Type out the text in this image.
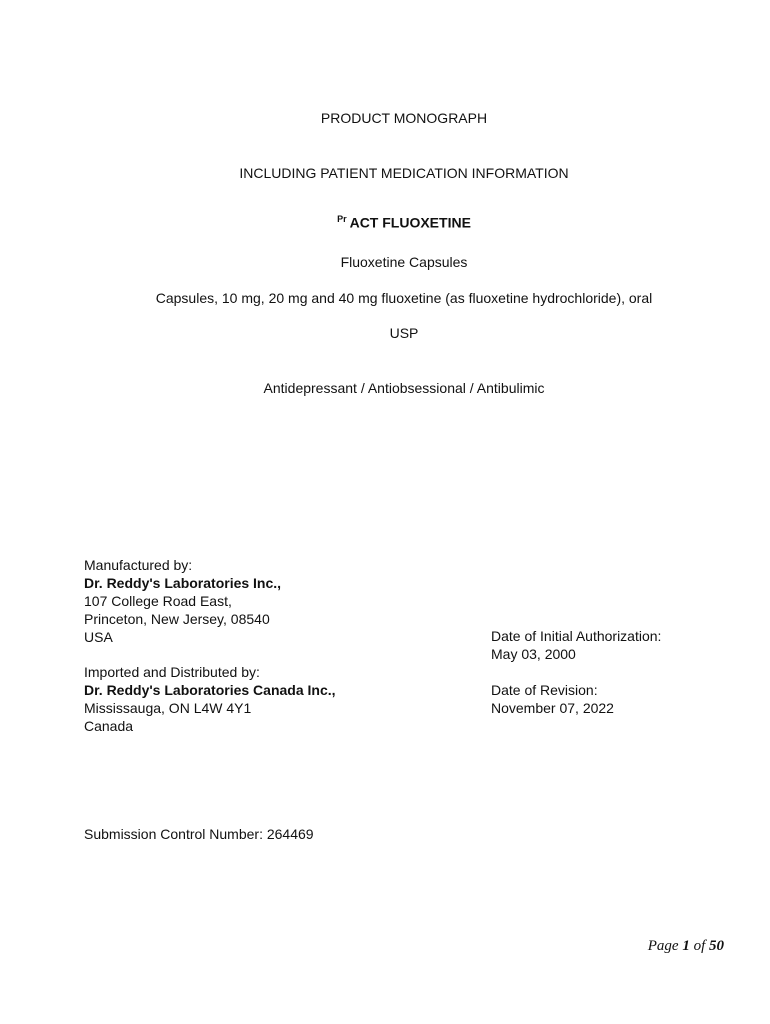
PRODUCT MONOGRAPH
INCLUDING PATIENT MEDICATION INFORMATION
$^{Pr}$ ACT FLUOXETINE
Fluoxetine Capsules
Capsules, 10 mg, 20 mg and 40 mg fluoxetine (as fluoxetine hydrochloride), oral
USP
Antidepressant / Antiobsessional / Antibulimic
Manufactured by:
Dr. Reddy's Laboratories Inc.,
107 College Road East,
Princeton, New Jersey, 08540
USA
Imported and Distributed by:
Dr. Reddy's Laboratories Canada Inc.,
Mississauga, ON L4W 4Y1
Canada
Date of Initial Authorization:
May 03, 2000
Date of Revision:
November 07, 2022
Submission Control Number: 264469
Page 1 of 50
